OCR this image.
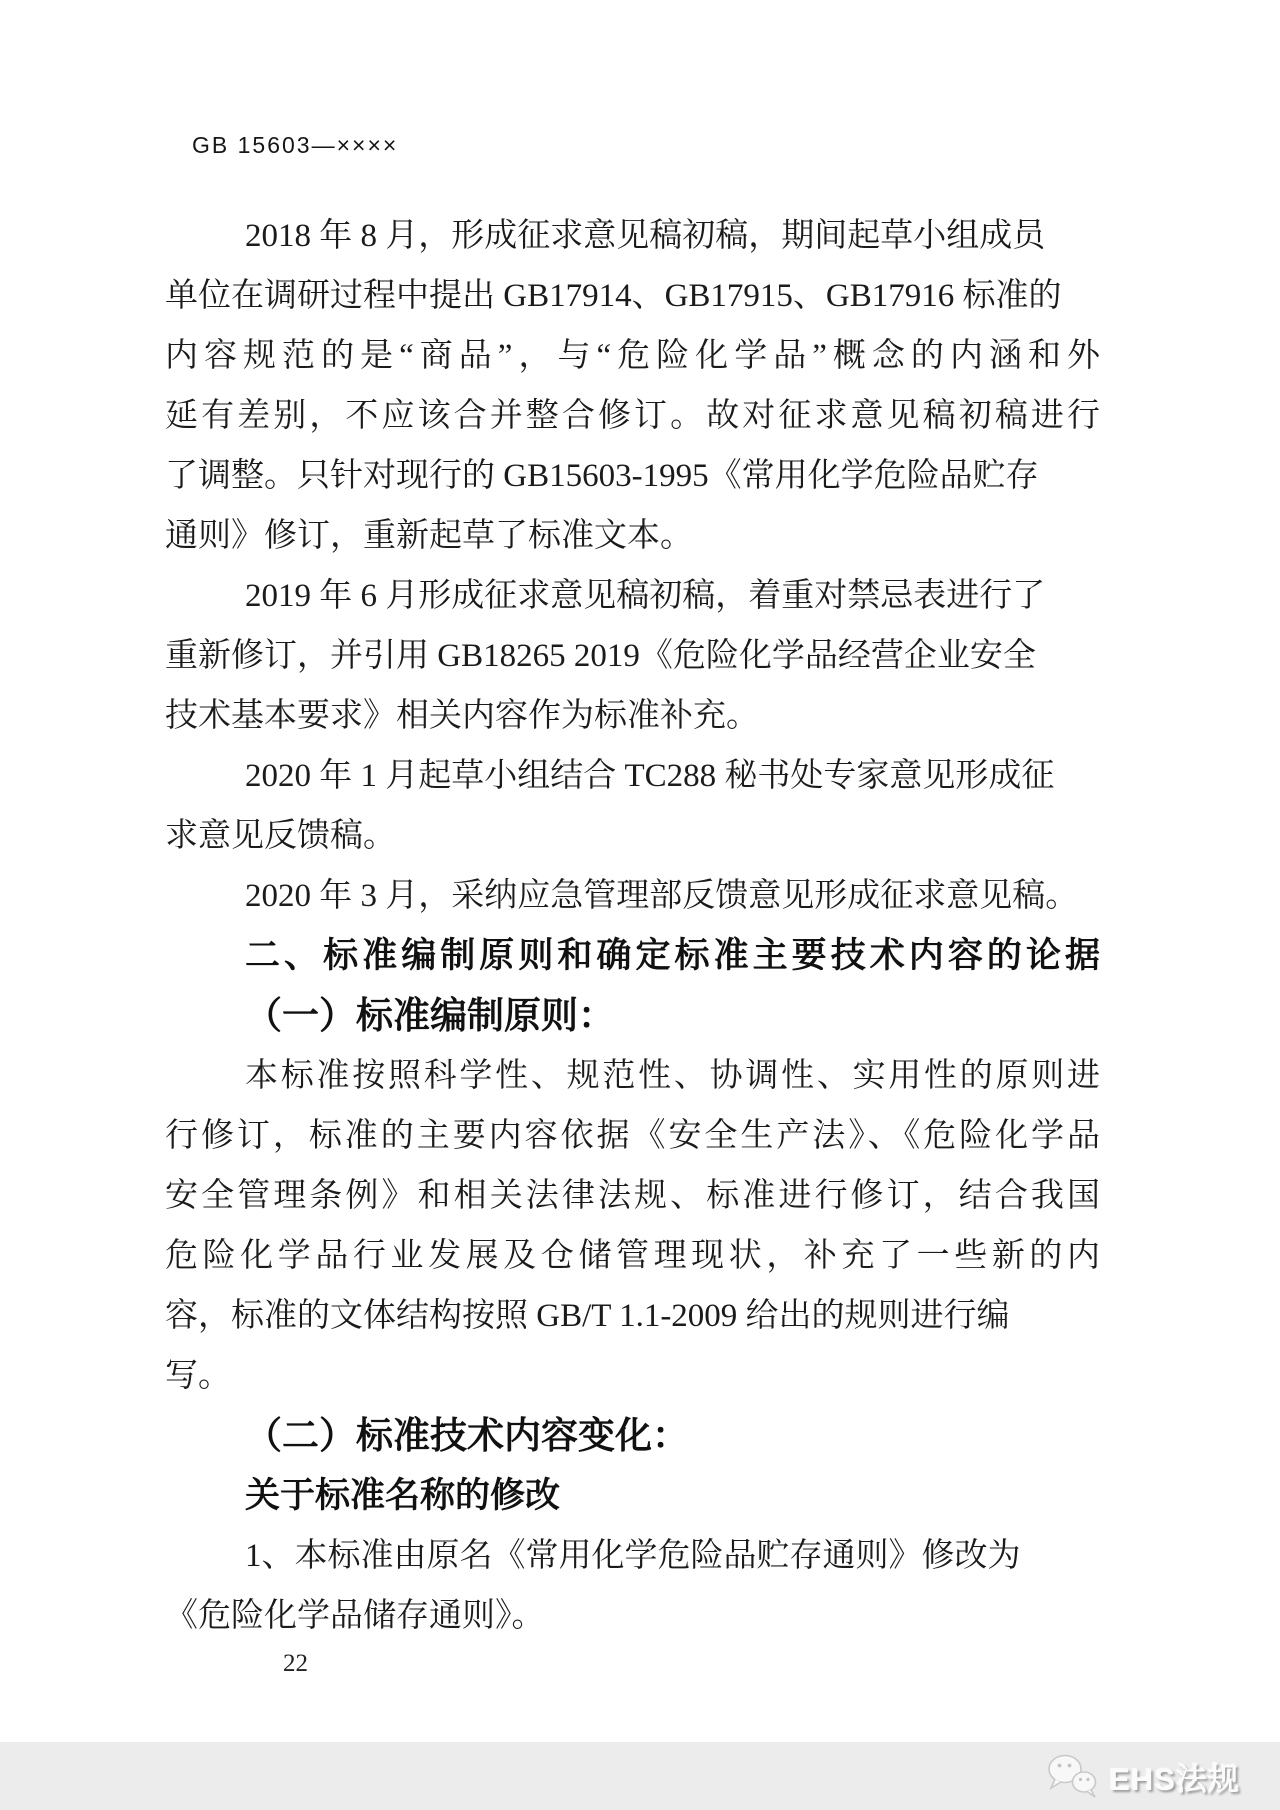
GB 15603—××××
2018 年 8 月，形成征求意见稿初稿，期间起草小组成员
单位在调研过程中提出 GB17914、GB17915、GB17916 标准的
内容规范的是“商品”，与“危险化学品”概念的内涵和外
延有差别，不应该合并整合修订。故对征求意见稿初稿进行
了调整。只针对现行的 GB15603-1995《常用化学危险品贮存
通则》修订，重新起草了标准文本。
2019 年 6 月形成征求意见稿初稿，着重对禁忌表进行了
重新修订，并引用 GB18265 2019《危险化学品经营企业安全
技术基本要求》相关内容作为标准补充。
2020 年 1 月起草小组结合 TC288 秘书处专家意见形成征
求意见反馈稿。
2020 年 3 月，采纳应急管理部反馈意见形成征求意见稿。
二、标准编制原则和确定标准主要技术内容的论据
（一）标准编制原则：
本标准按照科学性、规范性、协调性、实用性的原则进
行修订，标准的主要内容依据《安全生产法》、《危险化学品
安全管理条例》和相关法律法规、标准进行修订，结合我国
危险化学品行业发展及仓储管理现状，补充了一些新的内
容，标准的文体结构按照 GB/T 1.1-2009 给出的规则进行编
写。
（二）标准技术内容变化：
关于标准名称的修改
1、本标准由原名《常用化学危险品贮存通则》修改为
《危险化学品储存通则》。
22
EHS法规
